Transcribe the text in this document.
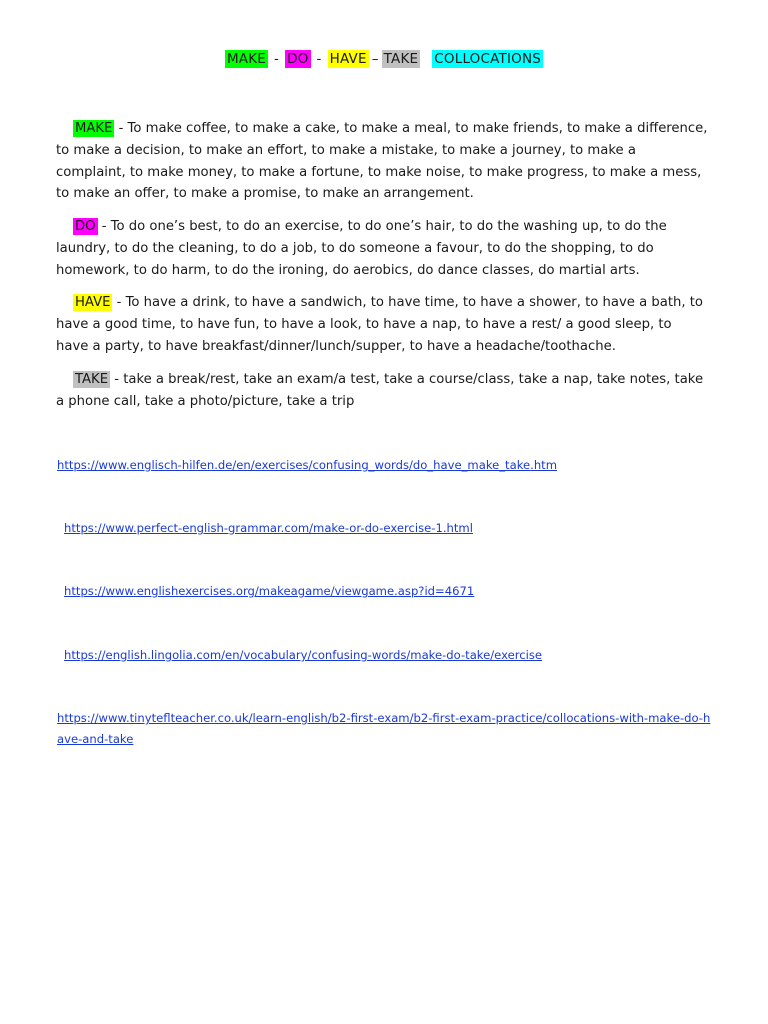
MAKE - DO - HAVE – TAKE COLLOCATIONS

MAKE - To make coffee, to make a cake, to make a meal, to make friends, to make a difference, to make a decision, to make an effort, to make a mistake, to make a journey, to make a complaint, to make money, to make a fortune, to make noise, to make progress, to make a mess, to make an offer, to make a promise, to make an arrangement.

DO - To do one’s best, to do an exercise, to do one’s hair, to do the washing up, to do the laundry, to do the cleaning, to do a job, to do someone a favour, to do the shopping, to do homework, to do harm, to do the ironing, do aerobics, do dance classes, do martial arts.

HAVE - To have a drink, to have a sandwich, to have time, to have a shower, to have a bath, to have a good time, to have fun, to have a look, to have a nap, to have a rest/ a good sleep, to have a party, to have breakfast/dinner/lunch/supper, to have a headache/toothache.

TAKE - take a break/rest, take an exam/a test, take a course/class, take a nap, take notes, take a phone call, take a photo/picture, take a trip

https://www.englisch-hilfen.de/en/exercises/confusing_words/do_have_make_take.htm
https://www.perfect-english-grammar.com/make-or-do-exercise-1.html
https://www.englishexercises.org/makeagame/viewgame.asp?id=4671
https://english.lingolia.com/en/vocabulary/confusing-words/make-do-take/exercise
https://www.tinyteflteacher.co.uk/learn-english/b2-first-exam/b2-first-exam-practice/collocations-with-make-do-have-and-take
